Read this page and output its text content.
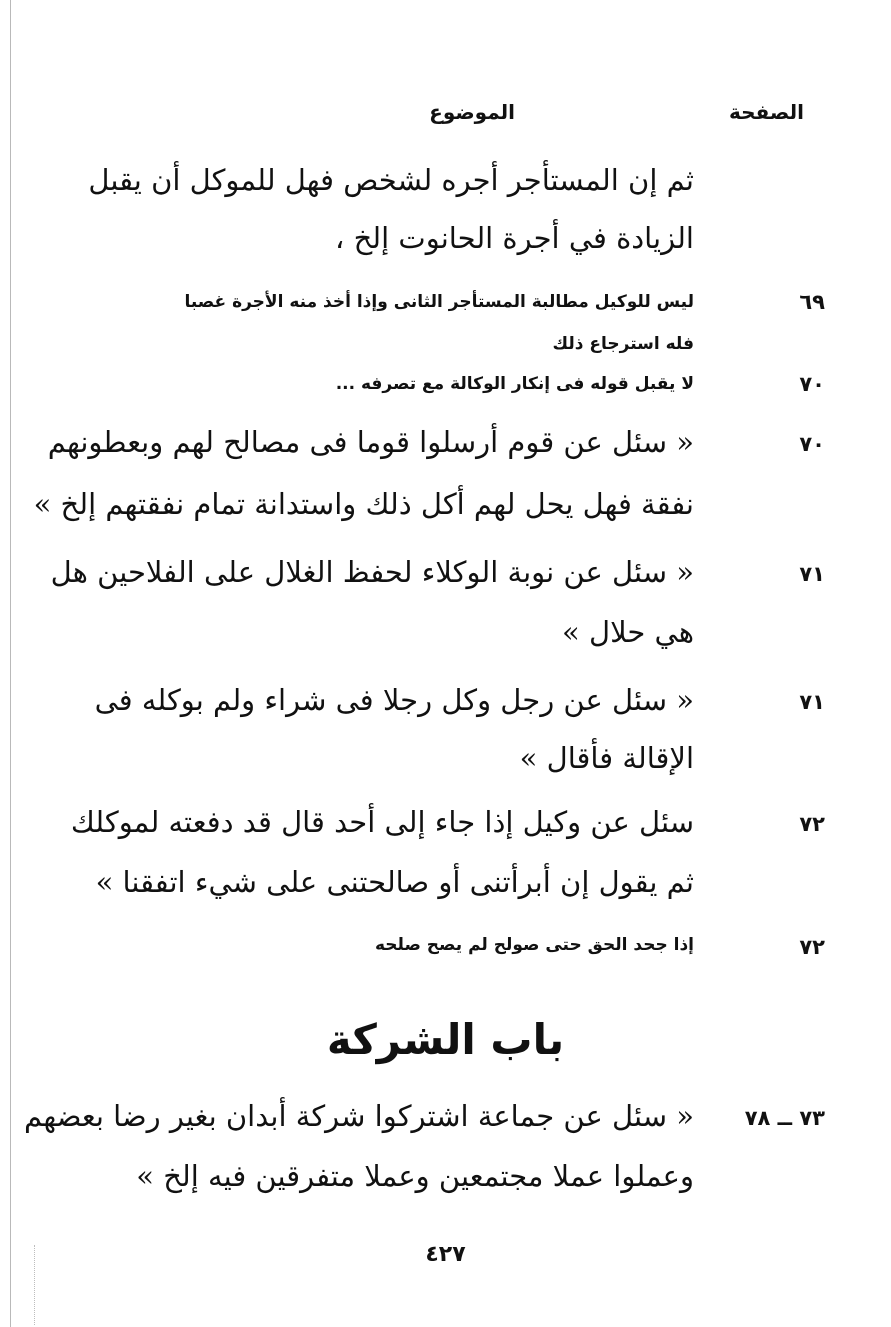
الصفحة
الموضوع
ثم إن المستأجر أجره لشخص فهل للموكل أن يقبل
الزيادة في أجرة الحانوت إلخ ،
٦٩
ليس للوكيل مطالبة المستأجر الثانى وإذا أخذ منه الأجرة غصبا
فله استرجاع ذلك
٧٠
لا يقبل قوله فى إنكار الوكالة مع تصرفه ...
٧٠
« سئل عن قوم أرسلوا قوما فى مصالح لهم وبعطونهم
نفقة فهل يحل لهم أكل ذلك واستدانة تمام نفقتهم إلخ »
٧١
« سئل عن نوبة الوكلاء لحفظ الغلال على الفلاحين هل
هي حلال »
٧١
« سئل عن رجل وكل رجلا فى شراء ولم بوكله فى
الإقالة فأقال »
٧٢
سئل عن وكيل إذا جاء إلى أحد قال قد دفعته لموكلك
ثم يقول إن أبرأتنى أو صالحتنى على شيء اتفقنا »
٧٢
إذا جحد الحق حتى صولح لم يصح صلحه
باب الشركة
٧٣ ــ ٧٨
« سئل عن جماعة اشتركوا شركة أبدان بغير رضا بعضهم
وعملوا عملا مجتمعين وعملا متفرقين فيه إلخ »
٤٢٧
